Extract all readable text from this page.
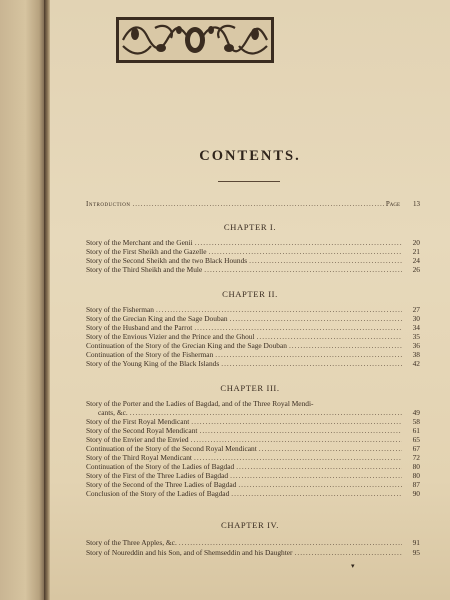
CONTENTS.
Introduction .....	Page	13
CHAPTER I.
Story of the Merchant and the Genii .....	20
Story of the First Sheikh and the Gazelle .....	21
Story of the Second Sheikh and the two Black Hounds .....	24
Story of the Third Sheikh and the Mule .....	26
CHAPTER II.
Story of the Fisherman .....	27
Story of the Grecian King and the Sage Douban .....	30
Story of the Husband and the Parrot .....	34
Story of the Envious Vizier and the Prince and the Ghoul .....	35
Continuation of the Story of the Grecian King and the Sage Douban .....	36
Continuation of the Story of the Fisherman .....	38
Story of the Young King of the Black Islands .....	42
CHAPTER III.
Story of the Porter and the Ladies of Bagdad, and of the Three Royal Mendi-
cants, &c. .....	49
Story of the First Royal Mendicant .....	58
Story of the Second Royal Mendicant .....	61
Story of the Envier and the Envied .....	65
Continuation of the Story of the Second Royal Mendicant .....	67
Story of the Third Royal Mendicant .....	72
Continuation of the Story of the Ladies of Bagdad .....	80
Story of the First of the Three Ladies of Bagdad .....	80
Story of the Second of the Three Ladies of Bagdad .....	87
Conclusion of the Story of the Ladies of Bagdad .....	90
CHAPTER IV.
Story of the Three Apples, &c. .....	91
Story of Noureddin and his Son, and of Shemseddin and his Daughter .....	95
▾
